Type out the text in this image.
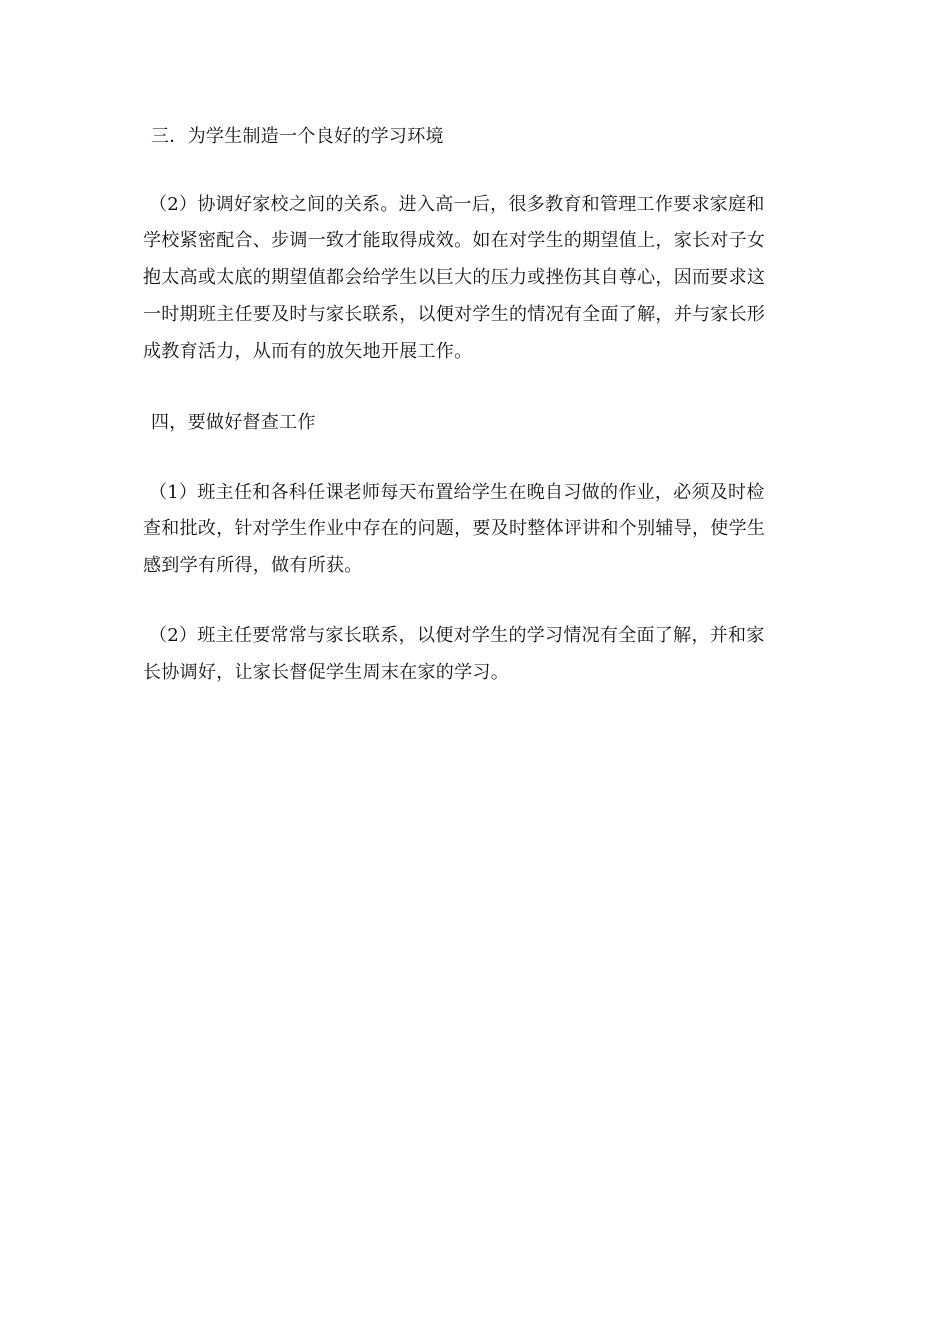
三．为学生制造一个良好的学习环境

（2）协调好家校之间的关系。进入高一后，很多教育和管理工作要求家庭和

学校紧密配合、步调一致才能取得成效。如在对学生的期望值上，家长对子女

抱太高或太底的期望值都会给学生以巨大的压力或挫伤其自尊心，因而要求这

一时期班主任要及时与家长联系，以便对学生的情况有全面了解，并与家长形

成教育活力，从而有的放矢地开展工作。

四，要做好督查工作

（1）班主任和各科任课老师每天布置给学生在晚自习做的作业，必须及时检

查和批改，针对学生作业中存在的问题，要及时整体评讲和个别辅导，使学生

感到学有所得，做有所获。

（2）班主任要常常与家长联系，以便对学生的学习情况有全面了解，并和家

长协调好，让家长督促学生周末在家的学习。
